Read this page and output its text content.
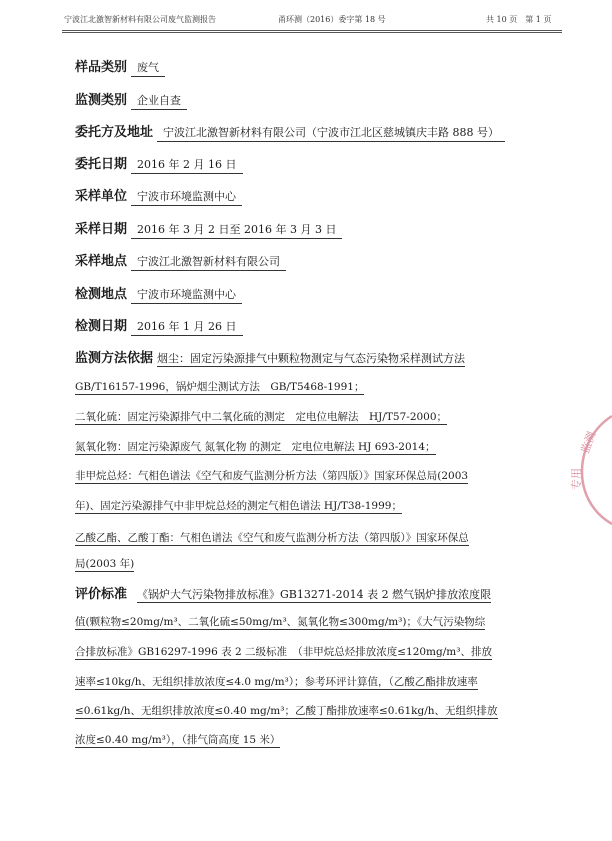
宁波江北激智新材料有限公司废气监测报告	甬环测（2016）委字第 18 号	共 10 页　第 1 页
样品类别 废气
监测类别 企业自查
委托方及地址 宁波江北激智新材料有限公司（宁波市江北区慈城镇庆丰路 888 号）
委托日期 2016 年 2 月 16 日
采样单位 宁波市环境监测中心
采样日期 2016 年 3 月 2 日至 2016 年 3 月 3 日
采样地点 宁波江北激智新材料有限公司
检测地点 宁波市环境监测中心
检测日期 2016 年 1 月 26 日
监测方法依据 烟尘：固定污染源排气中颗粒物测定与气态污染物采样测试方法
GB/T16157-1996，锅炉烟尘测试方法　GB/T5468-1991；
二氧化硫：固定污染源排气中二氧化硫的测定　定电位电解法　HJ/T57-2000；
氮氧化物：固定污染源废气 氮氧化物 的测定　定电位电解法 HJ 693-2014；
非甲烷总烃：气相色谱法《空气和废气监测分析方法（第四版）》国家环保总局(2003
年)、固定污染源排气中非甲烷总烃的测定气相色谱法 HJ/T38-1999；
乙酸乙酯、乙酸丁酯：气相色谱法《空气和废气监测分析方法（第四版）》国家环保总
局(2003 年)
评价标准 《锅炉大气污染物排放标准》GB13271-2014 表 2 燃气锅炉排放浓度限
值(颗粒物≤20mg/m³、二氧化硫≤50mg/m³、氮氧化物≤300mg/m³)；《大气污染物综
合排放标准》GB16297-1996 表 2 二级标准　（非甲烷总烃排放浓度≤120mg/m³、排放
速率≤10kg/h、无组织排放浓度≤4.0 mg/m³）；参考环评计算值，（乙酸乙酯排放速率
≤0.61kg/h、无组织排放浓度≤0.40 mg/m³；乙酸丁酯排放速率≤0.61kg/h、无组织排放
浓度≤0.40 mg/m³），（排气筒高度 15 米）
监测
专用
